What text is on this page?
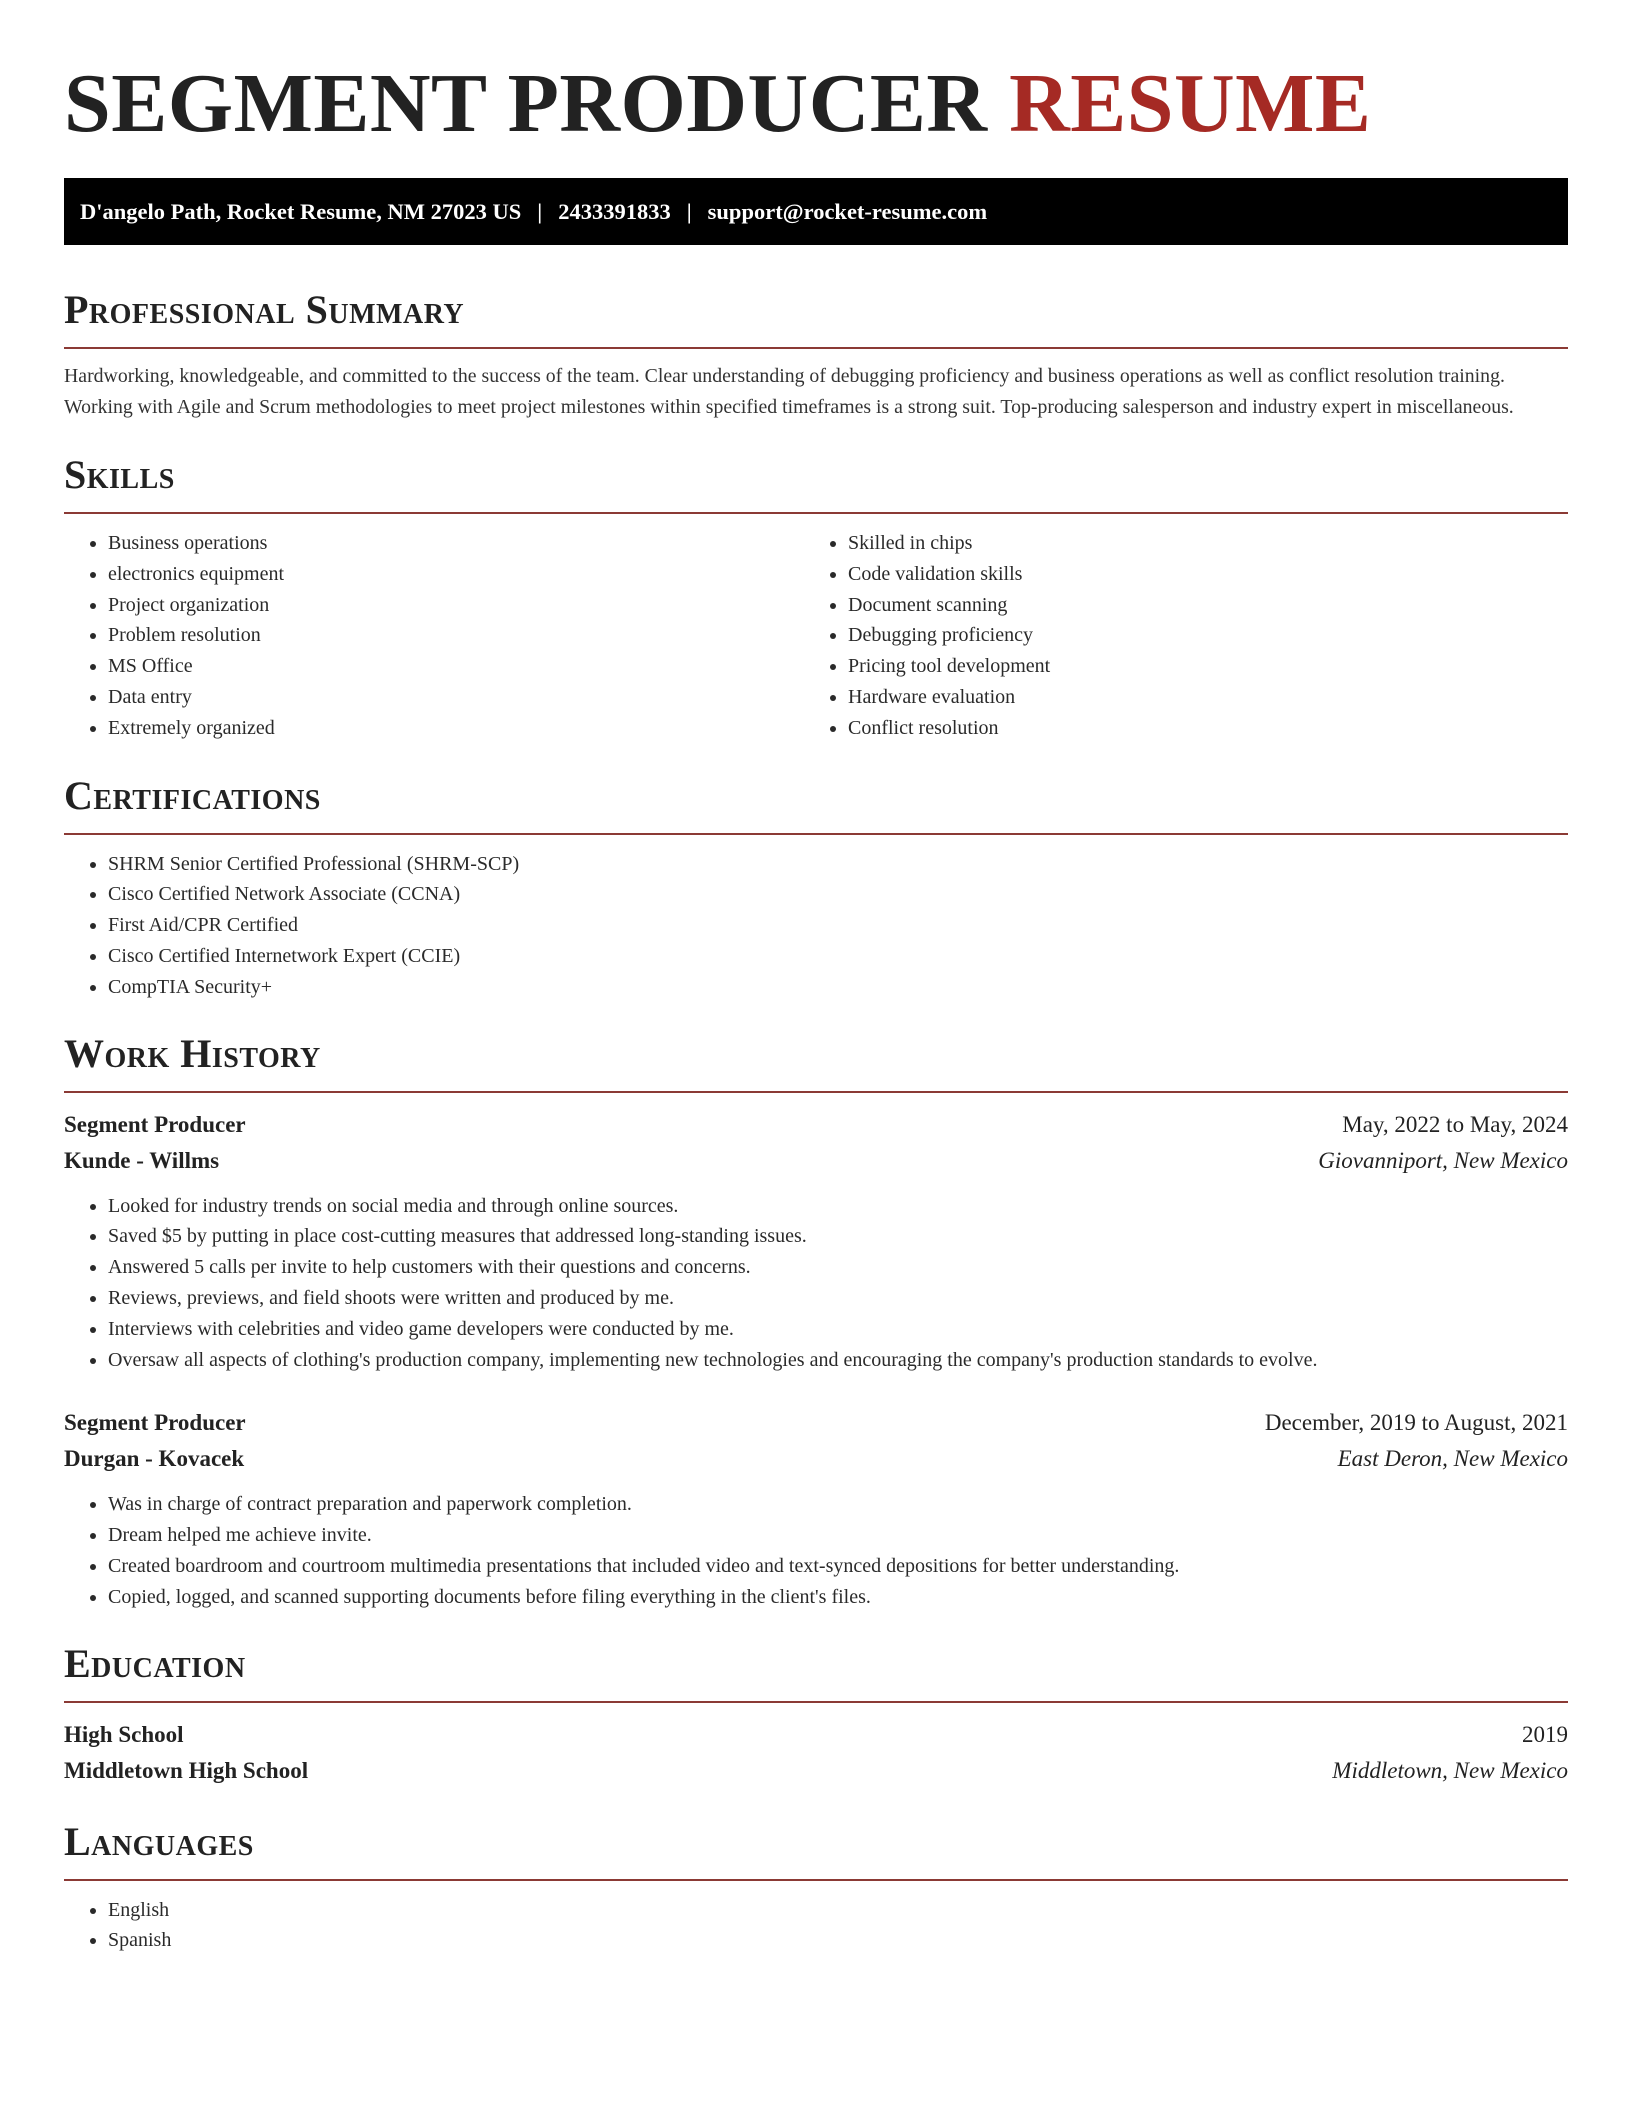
SEGMENT PRODUCER RESUME
D'angelo Path, Rocket Resume, NM 27023 US | 2433391833 | support@rocket-resume.com
Professional Summary

Hardworking, knowledgeable, and committed to the success of the team. Clear understanding of debugging proficiency and business operations as well as conflict resolution training. Working with Agile and Scrum methodologies to meet project milestones within specified timeframes is a strong suit. Top-producing salesperson and industry expert in miscellaneous.

Skills
• Business operations
• electronics equipment
• Project organization
• Problem resolution
• MS Office
• Data entry
• Extremely organized
• Skilled in chips
• Code validation skills
• Document scanning
• Debugging proficiency
• Pricing tool development
• Hardware evaluation
• Conflict resolution
Certifications
• SHRM Senior Certified Professional (SHRM-SCP)
• Cisco Certified Network Associate (CCNA)
• First Aid/CPR Certified
• Cisco Certified Internetwork Expert (CCIE)
• CompTIA Security+
Work History
Segment Producer	May, 2022 to May, 2024
Kunde - Willms	Giovanniport, New Mexico
• Looked for industry trends on social media and through online sources.
• Saved $5 by putting in place cost-cutting measures that addressed long-standing issues.
• Answered 5 calls per invite to help customers with their questions and concerns.
• Reviews, previews, and field shoots were written and produced by me.
• Interviews with celebrities and video game developers were conducted by me.
• Oversaw all aspects of clothing's production company, implementing new technologies and encouraging the company's production standards to evolve.
Segment Producer	December, 2019 to August, 2021
Durgan - Kovacek	East Deron, New Mexico
• Was in charge of contract preparation and paperwork completion.
• Dream helped me achieve invite.
• Created boardroom and courtroom multimedia presentations that included video and text-synced depositions for better understanding.
• Copied, logged, and scanned supporting documents before filing everything in the client's files.
Education
High School	2019
Middletown High School	Middletown, New Mexico
Languages
• English
• Spanish
